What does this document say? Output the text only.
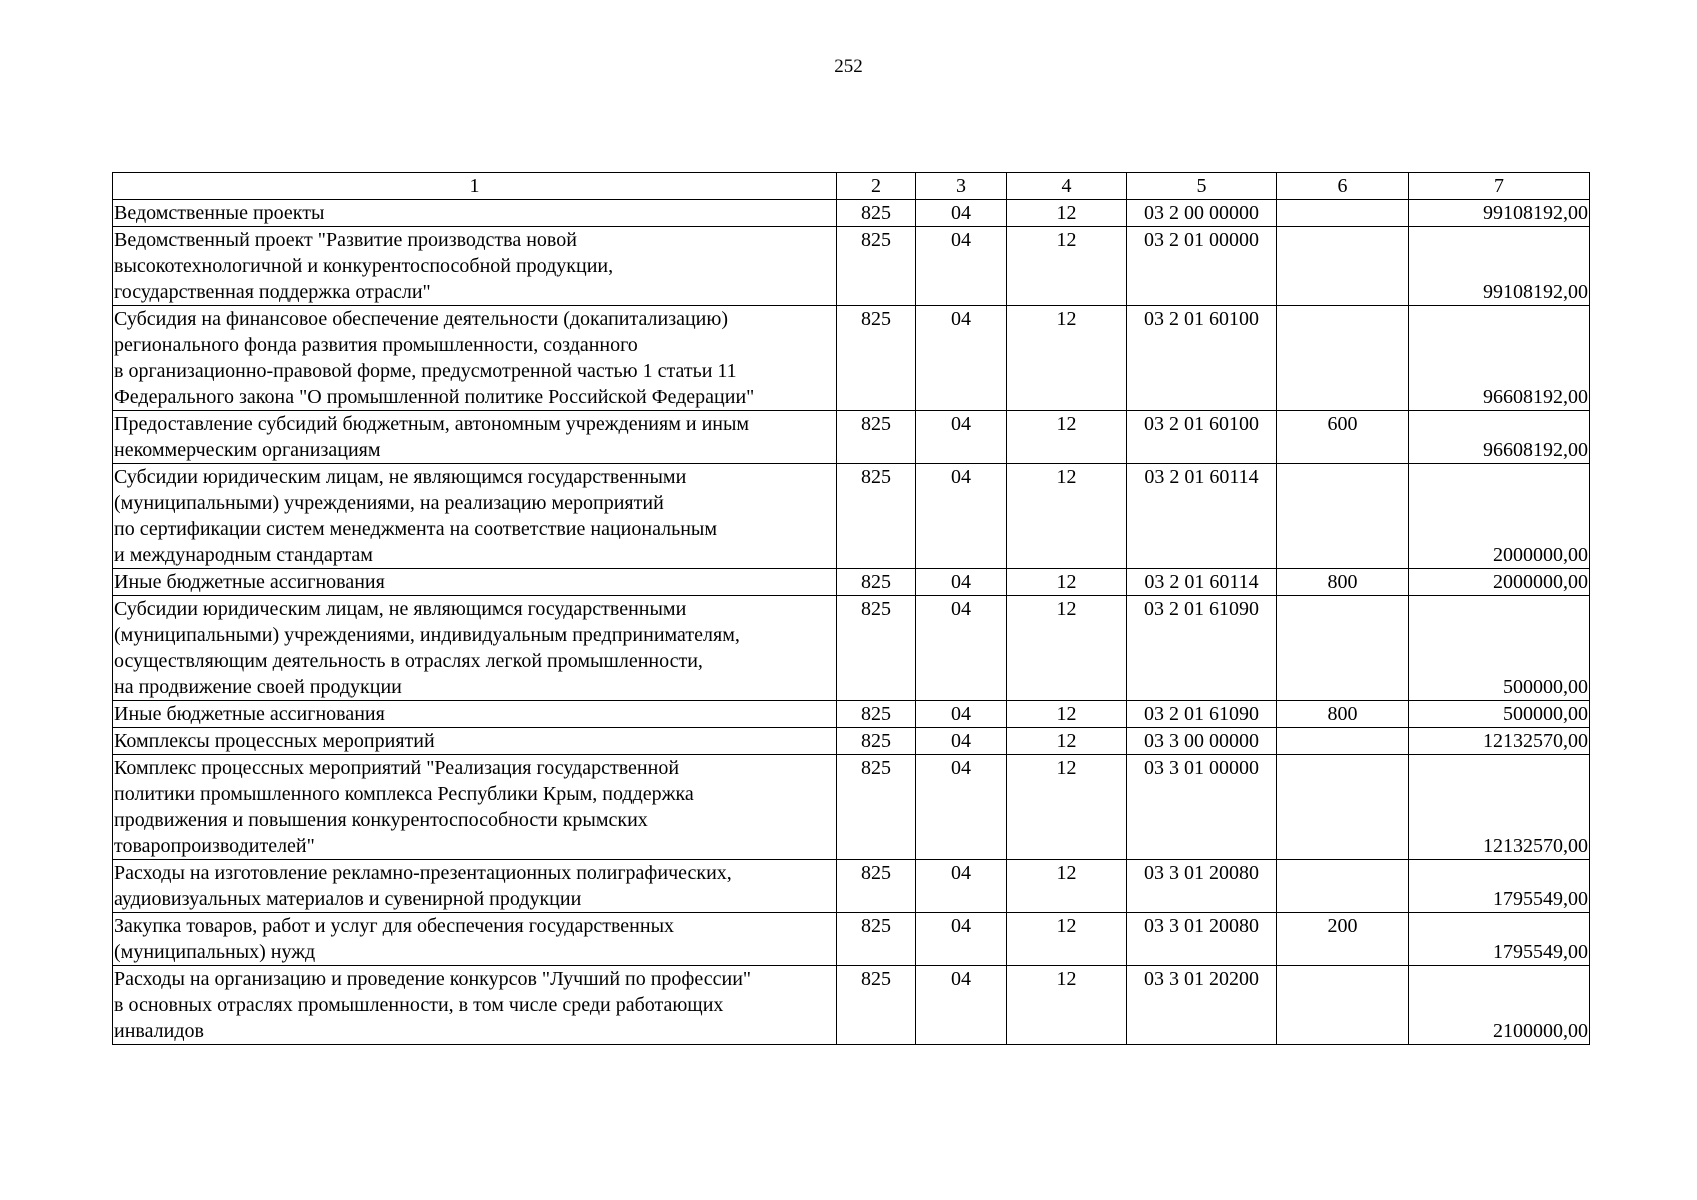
252
1	2	3	4	5	6	7

Ведомственные проекты	825	04	12	03 2 00 00000		99108192,00

Ведомственный проект "Развитие производства новой
высокотехнологичной и конкурентоспособной продукции,
государственная поддержка отрасли"	825	04	12	03 2 01 00000		99108192,00

Субсидия на финансовое обеспечение деятельности (докапитализацию)
регионального фонда развития промышленности, созданного
в организационно-правовой форме, предусмотренной частью 1 статьи 11
Федерального закона "О промышленной политике Российской Федерации"	825	04	12	03 2 01 60100		96608192,00

Предоставление субсидий бюджетным, автономным учреждениям и иным
некоммерческим организациям	825	04	12	03 2 01 60100	600	96608192,00

Субсидии юридическим лицам, не являющимся государственными
(муниципальными) учреждениями, на реализацию мероприятий
по сертификации систем менеджмента на соответствие национальным
и международным стандартам	825	04	12	03 2 01 60114		2000000,00

Иные бюджетные ассигнования	825	04	12	03 2 01 60114	800	2000000,00

Субсидии юридическим лицам, не являющимся государственными
(муниципальными) учреждениями, индивидуальным предпринимателям,
осуществляющим деятельность в отраслях легкой промышленности,
на продвижение своей продукции	825	04	12	03 2 01 61090		500000,00

Иные бюджетные ассигнования	825	04	12	03 2 01 61090	800	500000,00

Комплексы процессных мероприятий	825	04	12	03 3 00 00000		12132570,00

Комплекс процессных мероприятий "Реализация государственной
политики промышленного комплекса Республики Крым, поддержка
продвижения и повышения конкурентоспособности крымских
товаропроизводителей"	825	04	12	03 3 01 00000		12132570,00

Расходы на изготовление рекламно-презентационных полиграфических,
аудиовизуальных материалов и сувенирной продукции	825	04	12	03 3 01 20080		1795549,00

Закупка товаров, работ и услуг для обеспечения государственных
(муниципальных) нужд	825	04	12	03 3 01 20080	200	1795549,00

Расходы на организацию и проведение конкурсов "Лучший по профессии"
в основных отраслях промышленности, в том числе среди работающих
инвалидов	825	04	12	03 3 01 20200		2100000,00
